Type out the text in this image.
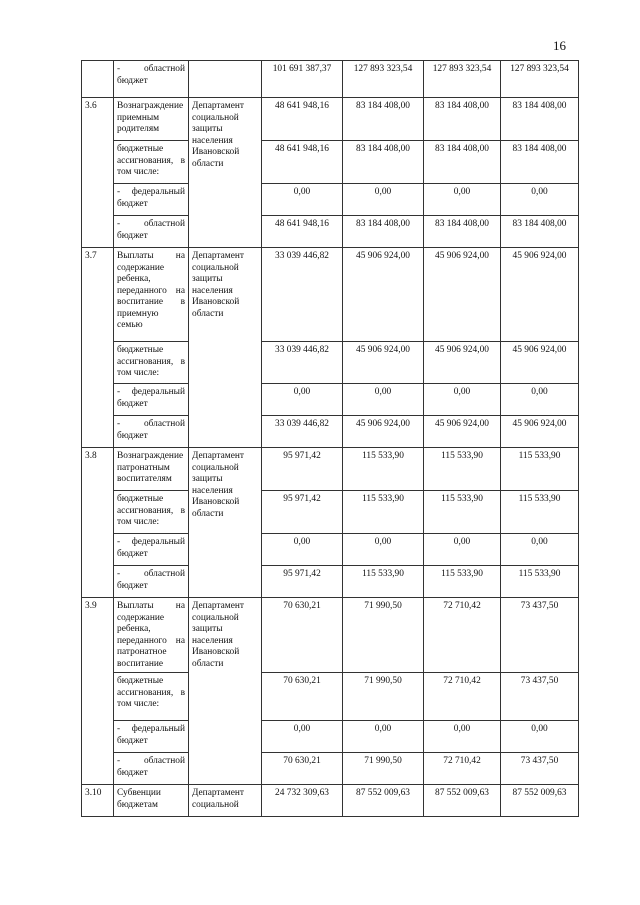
16
	- областной бюджет		101 691 387,37	127 893 323,54	127 893 323,54	127 893 323,54
3.6	Вознаграждение приемным родителям	Департамент социальной защиты населения Ивановской области	48 641 948,16	83 184 408,00	83 184 408,00	83 184 408,00
	бюджетные ассигнования, в том числе:		48 641 948,16	83 184 408,00	83 184 408,00	83 184 408,00
	- федеральный бюджет		0,00	0,00	0,00	0,00
	- областной бюджет		48 641 948,16	83 184 408,00	83 184 408,00	83 184 408,00
3.7	Выплаты на содержание ребенка, переданного на воспитание в приемную семью	Департамент социальной защиты населения Ивановской области	33 039 446,82	45 906 924,00	45 906 924,00	45 906 924,00
	бюджетные ассигнования, в том числе:		33 039 446,82	45 906 924,00	45 906 924,00	45 906 924,00
	- федеральный бюджет		0,00	0,00	0,00	0,00
	- областной бюджет		33 039 446,82	45 906 924,00	45 906 924,00	45 906 924,00
3.8	Вознаграждение патронатным воспитателям	Департамент социальной защиты населения Ивановской области	95 971,42	115 533,90	115 533,90	115 533,90
	бюджетные ассигнования, в том числе:		95 971,42	115 533,90	115 533,90	115 533,90
	- федеральный бюджет		0,00	0,00	0,00	0,00
	- областной бюджет		95 971,42	115 533,90	115 533,90	115 533,90
3.9	Выплаты на содержание ребенка, переданного на патронатное воспитание	Департамент социальной защиты населения Ивановской области	70 630,21	71 990,50	72 710,42	73 437,50
	бюджетные ассигнования, в том числе:		70 630,21	71 990,50	72 710,42	73 437,50
	- федеральный бюджет		0,00	0,00	0,00	0,00
	- областной бюджет		70 630,21	71 990,50	72 710,42	73 437,50
3.10	Субвенции бюджетам	Департамент социальной	24 732 309,63	87 552 009,63	87 552 009,63	87 552 009,63
